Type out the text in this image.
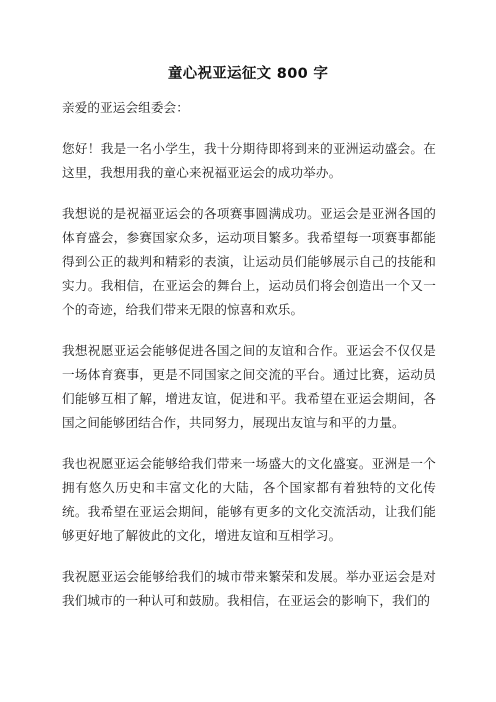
童心祝亚运征文 800 字

亲爱的亚运会组委会：

您好！我是一名小学生，我十分期待即将到来的亚洲运动盛会。在这里，我想用我的童心来祝福亚运会的成功举办。

我想说的是祝福亚运会的各项赛事圆满成功。亚运会是亚洲各国的体育盛会，参赛国家众多，运动项目繁多。我希望每一项赛事都能得到公正的裁判和精彩的表演，让运动员们能够展示自己的技能和实力。我相信，在亚运会的舞台上，运动员们将会创造出一个又一个的奇迹，给我们带来无限的惊喜和欢乐。

我想祝愿亚运会能够促进各国之间的友谊和合作。亚运会不仅仅是一场体育赛事，更是不同国家之间交流的平台。通过比赛，运动员们能够互相了解，增进友谊，促进和平。我希望在亚运会期间，各国之间能够团结合作，共同努力，展现出友谊与和平的力量。

我也祝愿亚运会能够给我们带来一场盛大的文化盛宴。亚洲是一个拥有悠久历史和丰富文化的大陆，各个国家都有着独特的文化传统。我希望在亚运会期间，能够有更多的文化交流活动，让我们能够更好地了解彼此的文化，增进友谊和互相学习。

我祝愿亚运会能够给我们的城市带来繁荣和发展。举办亚运会是对我们城市的一种认可和鼓励。我相信，在亚运会的影响下，我们的
